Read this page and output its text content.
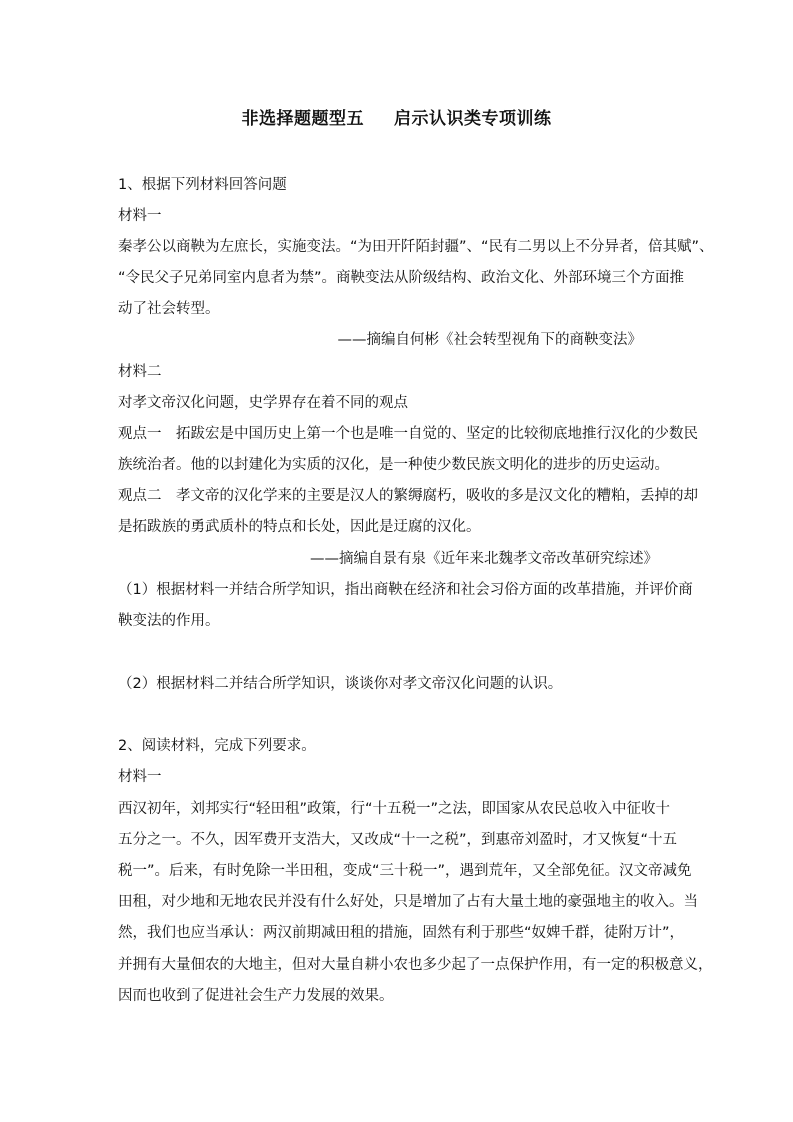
非选择题题型五 启示认识类专项训练
1、根据下列材料回答问题
材料一
秦孝公以商鞅为左庶长，实施变法。“为田开阡陌封疆”、“民有二男以上不分异者，倍其赋”、
“令民父子兄弟同室内息者为禁”。商鞅变法从阶级结构、政治文化、外部环境三个方面推
动了社会转型。
——摘编自何彬《社会转型视角下的商鞅变法》
材料二
对孝文帝汉化问题，史学界存在着不同的观点
观点一　拓跋宏是中国历史上第一个也是唯一自觉的、坚定的比较彻底地推行汉化的少数民
族统治者。他的以封建化为实质的汉化，是一种使少数民族文明化的进步的历史运动。
观点二　孝文帝的汉化学来的主要是汉人的繁缛腐朽，吸收的多是汉文化的糟粕，丢掉的却
是拓跋族的勇武质朴的特点和长处，因此是迂腐的汉化。
——摘编自景有泉《近年来北魏孝文帝改革研究综述》
（1）根据材料一并结合所学知识，指出商鞅在经济和社会习俗方面的改革措施，并评价商
鞅变法的作用。
（2）根据材料二并结合所学知识，谈谈你对孝文帝汉化问题的认识。
2、阅读材料，完成下列要求。
材料一
西汉初年，刘邦实行“轻田租”政策，行“十五税一”之法，即国家从农民总收入中征收十
五分之一。不久，因军费开支浩大，又改成“十一之税”，到惠帝刘盈时，才又恢复“十五
税一”。后来，有时免除一半田租，变成“三十税一”，遇到荒年，又全部免征。汉文帝减免
田租，对少地和无地农民并没有什么好处，只是增加了占有大量土地的豪强地主的收入。当
然，我们也应当承认：两汉前期减田租的措施，固然有利于那些“奴婢千群，徒附万计”，
并拥有大量佃农的大地主，但对大量自耕小农也多少起了一点保护作用，有一定的积极意义，
因而也收到了促进社会生产力发展的效果。
